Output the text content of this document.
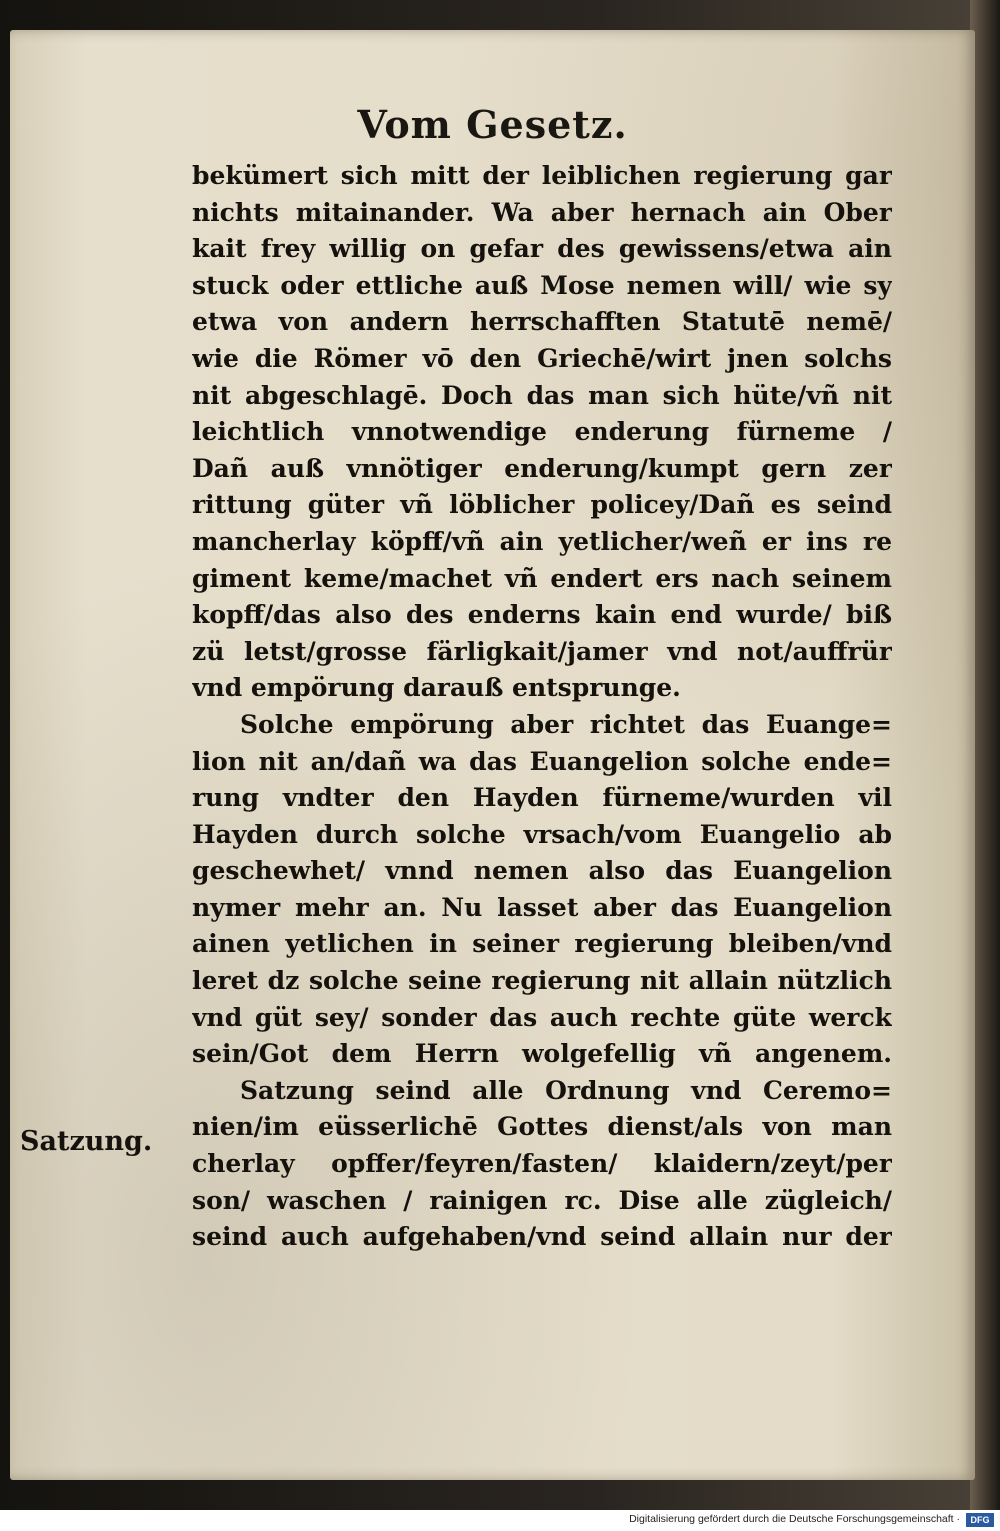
Vom Gesetz.
bekümert sich mitt der leiblichen regierung gar
nichts mitainander. Wa aber hernach ain Ober
kait frey willig on gefar des gewissens/etwa ain
stuck oder ettliche auß Mose nemen will/ wie sy
etwa von andern herrschafften Statutē nemē/
wie die Römer vō den Griechē/wirt jnen solchs
nit abgeschlagē. Doch das man sich hüte/vñ nit
leichtlich vnnotwendige enderung fürneme /
Dañ auß vnnötiger enderung/kumpt gern zer
rittung güter vñ löblicher policey/Dañ es seind
mancherlay köpff/vñ ain yetlicher/weñ er ins re
giment keme/machet vñ endert ers nach seinem
kopff/das also des enderns kain end wurde/ biß
zü letst/grosse färligkait/jamer vnd not/auffrür
vnd empörung darauß entsprunge.
Solche empörung aber richtet das Euange=
lion nit an/dañ wa das Euangelion solche ende=
rung vndter den Hayden fürneme/wurden vil
Hayden durch solche vrsach/vom Euangelio ab
geschewhet/ vnnd nemen also das Euangelion
nymer mehr an. Nu lasset aber das Euangelion
ainen yetlichen in seiner regierung bleiben/vnd
leret dz solche seine regierung nit allain nützlich
vnd güt sey/ sonder das auch rechte güte werck
sein/Got dem Herrn wolgefellig vñ angenem.
Satzung seind alle Ordnung vnd Ceremo=
nien/im eüsserlichē Gottes dienst/als von man
cherlay opffer/feyren/fasten/ klaidern/zeyt/per
son/ waschen / rainigen rc. Dise alle zügleich/
seind auch aufgehaben/vnd seind allain nur der
Satzung.
Digitalisierung gefördert durch die Deutsche Forschungsgemeinschaft ·	DFG
